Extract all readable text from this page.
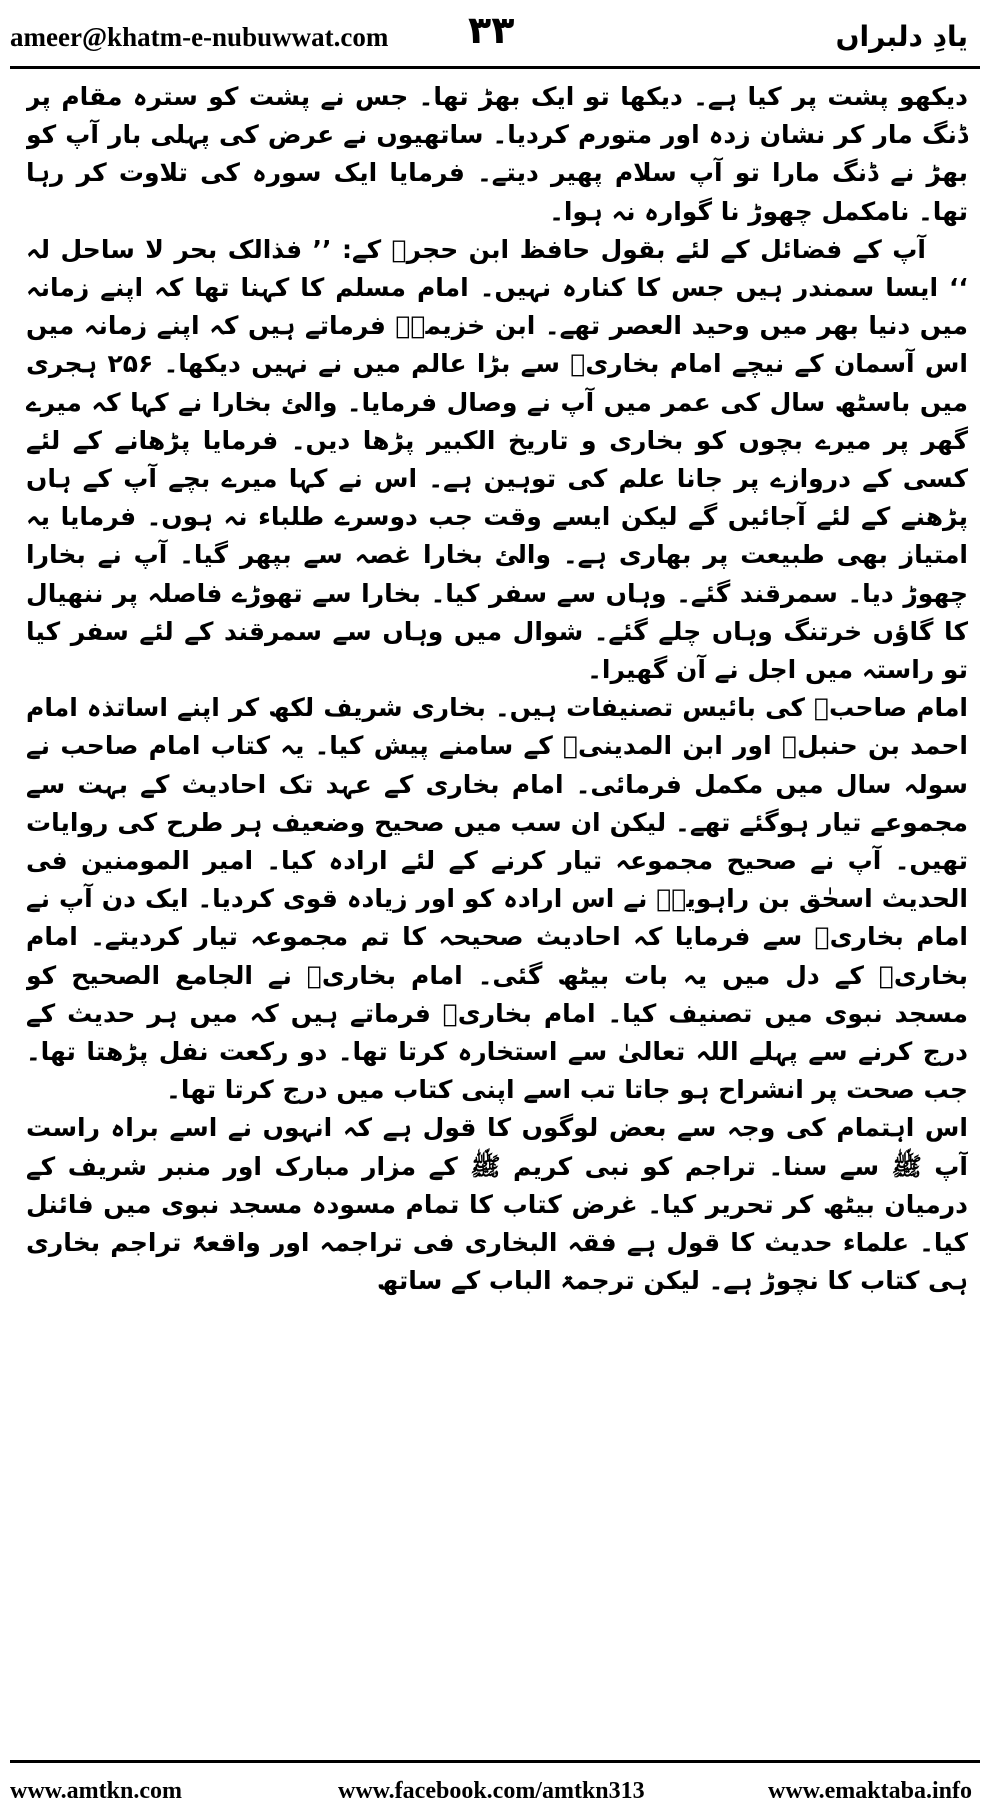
ameer@khatm-e-nubuwwat.com ۳۳	یادِ دلبراں

دیکھو پشت پر کیا ہے۔ دیکھا تو ایک بھڑ تھا۔ جس نے پشت کو سترہ مقام پر ڈنگ مار کر نشان زدہ اور متورم کردیا۔ ساتھیوں نے عرض کی پہلی بار آپ کو بھڑ نے ڈنگ مارا تو آپ سلام پھیر دیتے۔ فرمایا ایک سورہ کی تلاوت کر رہا تھا۔ نامکمل چھوڑ نا گوارہ نہ ہوا۔

آپ کے فضائل کے لئے بقول حافظ ابن حجرؒ کے: ’’ فذالک بحر لا ساحل لہ ‘‘ ایسا سمندر ہیں جس کا کنارہ نہیں۔ امام مسلم کا کہنا تھا کہ اپنے زمانہ میں دنیا بھر میں وحید العصر تھے۔ ابن خزیمہؒ فرماتے ہیں کہ اپنے زمانہ میں اس آسمان کے نیچے امام بخاریؒ سے بڑا عالم میں نے نہیں دیکھا۔ ۲۵۶ ہجری میں باسٹھ سال کی عمر میں آپ نے وصال فرمایا۔ والئ بخارا نے کہا کہ میرے گھر پر میرے بچوں کو بخاری و تاریخ الکبیر پڑھا دیں۔ فرمایا پڑھانے کے لئے کسی کے دروازے پر جانا علم کی توہین ہے۔ اس نے کہا میرے بچے آپ کے ہاں پڑھنے کے لئے آجائیں گے لیکن ایسے وقت جب دوسرے طلباء نہ ہوں۔ فرمایا یہ امتیاز بھی طبیعت پر بھاری ہے۔ والئ بخارا غصہ سے بپھر گیا۔ آپ نے بخارا چھوڑ دیا۔ سمرقند گئے۔ وہاں سے سفر کیا۔ بخارا سے تھوڑے فاصلہ پر ننھیال کا گاؤں خرتنگ وہاں چلے گئے۔ شوال میں وہاں سے سمرقند کے لئے سفر کیا تو راستہ میں اجل نے آن گھیرا۔

امام صاحبؒ کی بائیس تصنیفات ہیں۔ بخاری شریف لکھ کر اپنے اساتذہ امام احمد بن حنبلؒ اور ابن المدینیؒ کے سامنے پیش کیا۔ یہ کتاب امام صاحب نے سولہ سال میں مکمل فرمائی۔ امام بخاری کے عہد تک احادیث کے بہت سے مجموعے تیار ہوگئے تھے۔ لیکن ان سب میں صحیح وضعیف ہر طرح کی روایات تھیں۔ آپ نے صحیح مجموعہ تیار کرنے کے لئے ارادہ کیا۔ امیر المومنین فی الحدیث اسحٰق بن راہویہؒ نے اس ارادہ کو اور زیادہ قوی کردیا۔ ایک دن آپ نے امام بخاریؒ سے فرمایا کہ احادیث صحیحہ کا تم مجموعہ تیار کردیتے۔ امام بخاریؒ کے دل میں یہ بات بیٹھ گئی۔ امام بخاریؒ نے الجامع الصحیح کو مسجد نبوی میں تصنیف کیا۔ امام بخاریؒ فرماتے ہیں کہ میں ہر حدیث کے درج کرنے سے پہلے اللہ تعالیٰ سے استخارہ کرتا تھا۔ دو رکعت نفل پڑھتا تھا۔ جب صحت پر انشراح ہو جاتا تب اسے اپنی کتاب میں درج کرتا تھا۔

اس اہتمام کی وجہ سے بعض لوگوں کا قول ہے کہ انہوں نے اسے براہ راست آپ ﷺ سے سنا۔ تراجم کو نبی کریم ﷺ کے مزار مبارک اور منبر شریف کے درمیان بیٹھ کر تحریر کیا۔ غرض کتاب کا تمام مسودہ مسجد نبوی میں فائنل کیا۔ علماء حدیث کا قول ہے فقہ البخاری فی تراجمہ اور واقعۃً تراجم بخاری ہی کتاب کا نچوڑ ہے۔ لیکن ترجمۃ الباب کے ساتھ

www.amtkn.com	www.facebook.com/amtkn313	www.emaktaba.info
